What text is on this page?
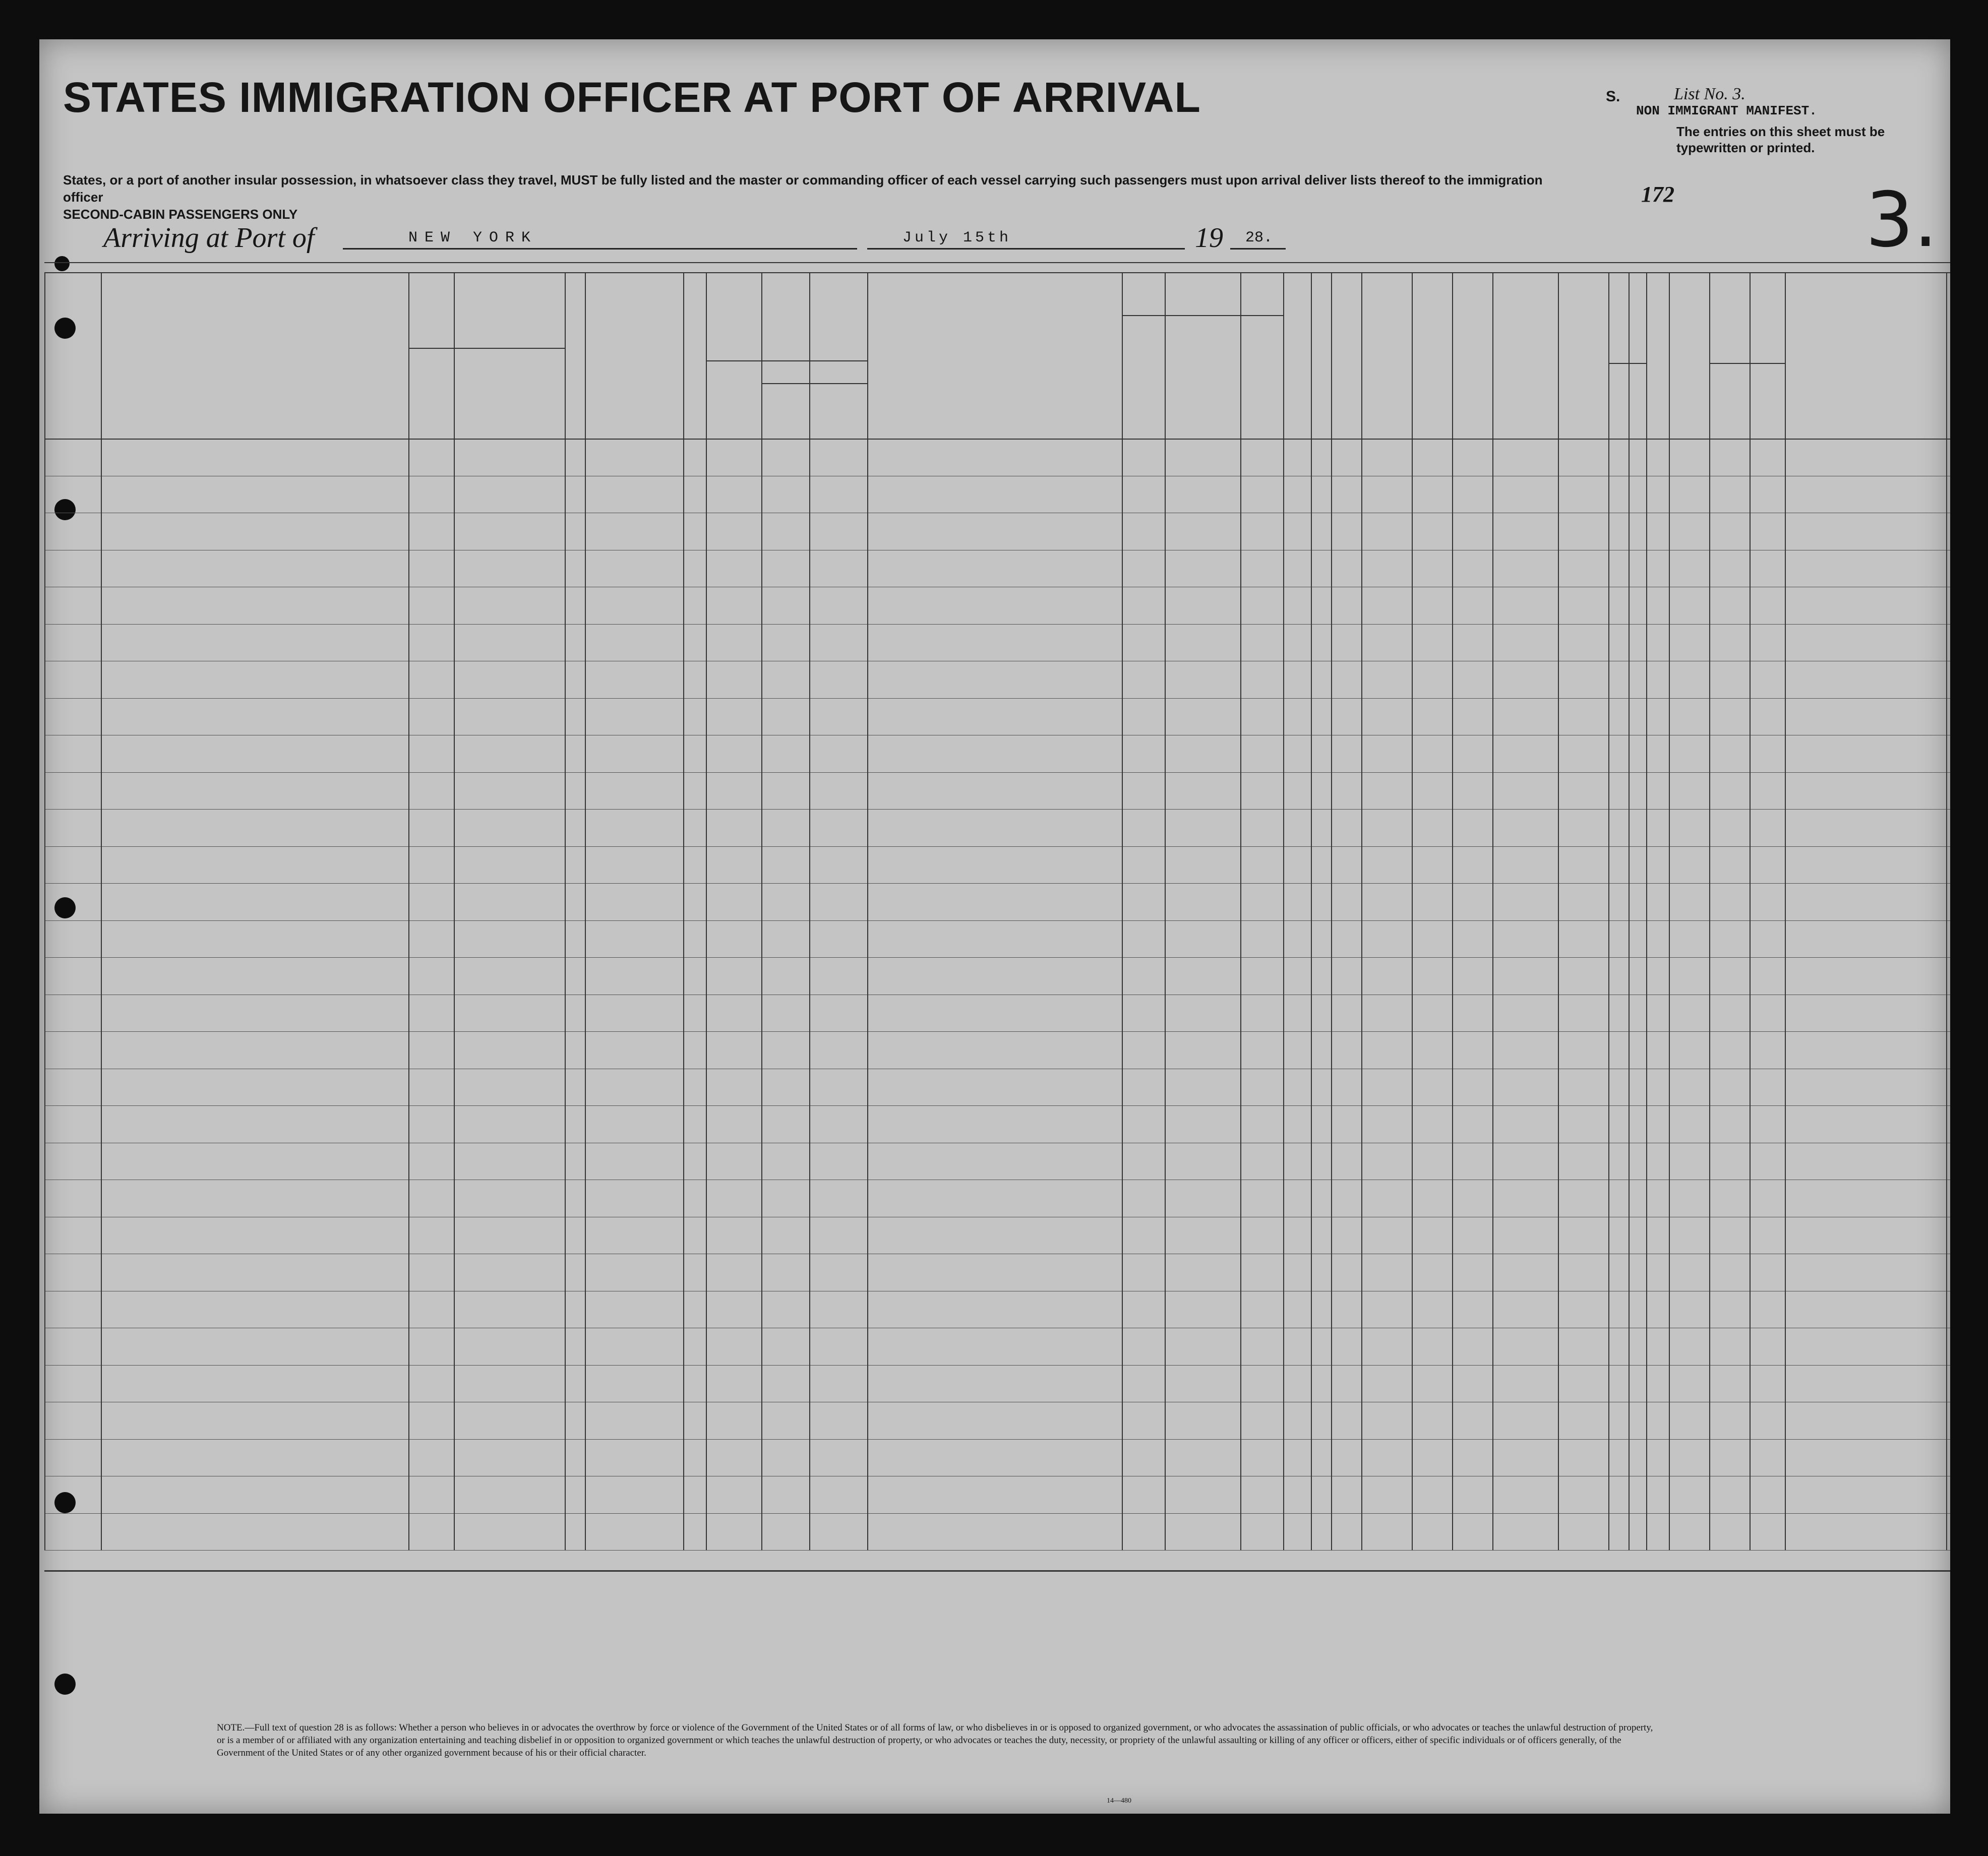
STATES IMMIGRATION OFFICER AT PORT OF ARRIVAL
States, or a port of another insular possession, in whatsoever class they travel, MUST be fully listed and the master or commanding officer of each vessel carrying such passengers must upon arrival deliver lists thereof to the immigration officer
SECOND-CABIN PASSENGERS ONLY
Arriving at Port of	NEW YORK	July 15th	19 28.
S.	List No. 3.
NON IMMIGRANT MANIFEST.
The entries on this sheet must be typewritten or printed.
172	3.
NOTE.—Full text of question 28 is as follows: Whether a person who believes in or advocates the overthrow by force or violence of the Government of the United States or of all forms of law, or who disbelieves in or is opposed to organized government, or who advocates the assassination of public officials, or who advocates or teaches the unlawful destruction of property, or is a member of or affiliated with any organization entertaining and teaching disbelief in or opposition to organized government or which teaches the unlawful destruction of property, or who advocates or teaches the duty, necessity, or propriety of the unlawful assaulting or killing of any officer or officers, either of specific individuals or of officers generally, of the Government of the United States or of any other organized government because of his or their official character.
14—480
